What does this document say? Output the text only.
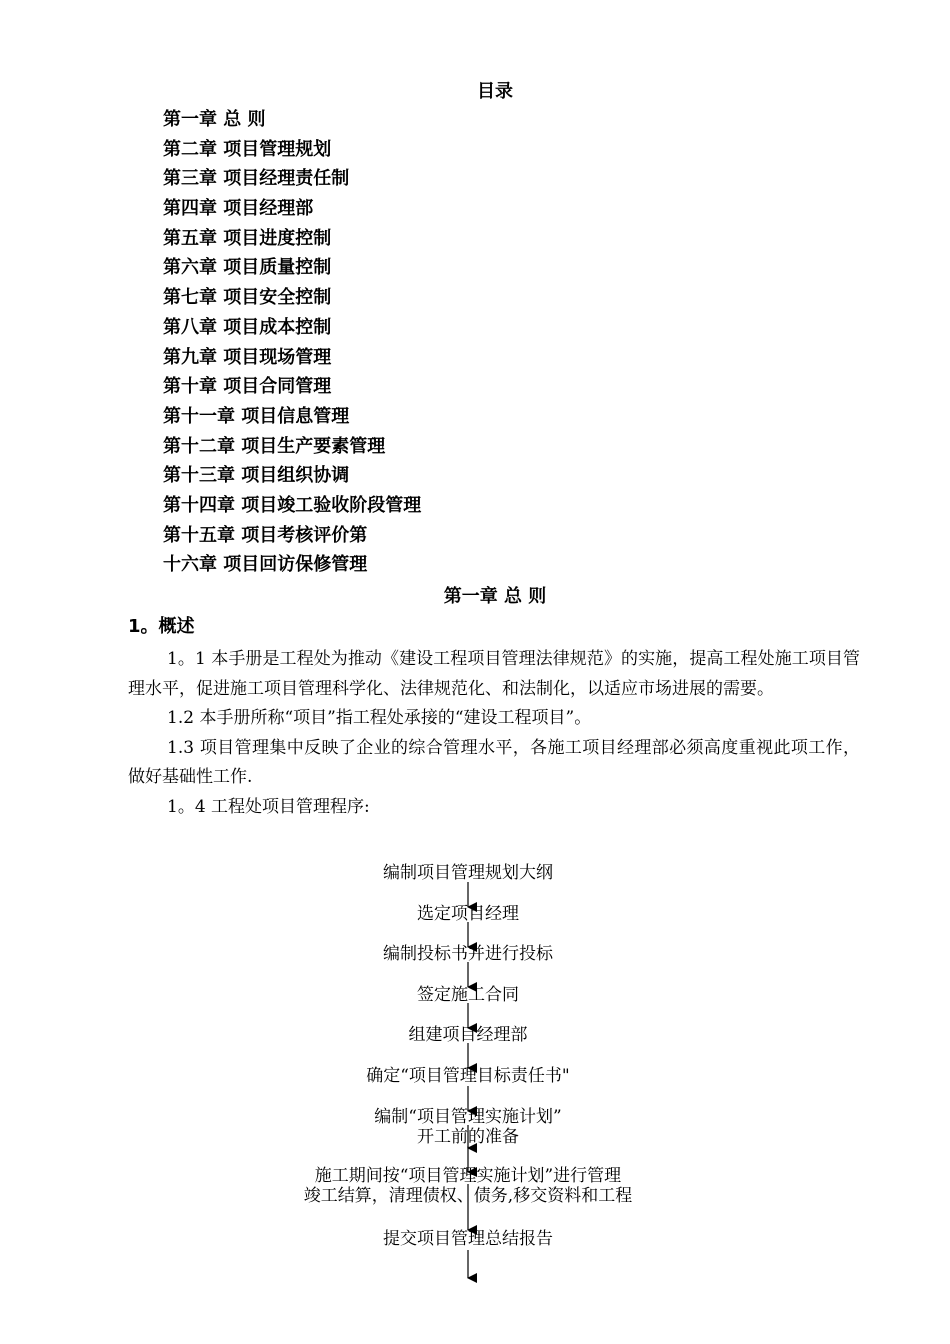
目录
第一章 总 则
第二章 项目管理规划
第三章 项目经理责任制
第四章 项目经理部
第五章 项目进度控制
第六章 项目质量控制
第七章 项目安全控制
第八章 项目成本控制
第九章 项目现场管理
第十章 项目合同管理
第十一章 项目信息管理
第十二章 项目生产要素管理
第十三章 项目组织协调
第十四章 项目竣工验收阶段管理
第十五章 项目考核评价第
十六章 项目回访保修管理
第一章 总 则
1。概述

1。1 本手册是工程处为推动《建设工程项目管理法律规范》的实施，提高工程处施工项目管理水平，促进施工项目管理科学化、法律规范化、和法制化，以适应市场进展的需要。

1.2 本手册所称“项目”指工程处承接的“建设工程项目”。

1.3 项目管理集中反映了企业的综合管理水平，各施工项目经理部必须高度重视此项工作，做好基础性工作.

1。4 工程处项目管理程序:

编制项目管理规划大纲
选定项目经理
编制投标书并进行投标
签定施工合同
组建项目经理部
确定“项目管理目标责任书"
编制“项目管理实施计划”
开工前的准备
施工期间按“项目管理实施计划”进行管理
竣工结算，清理债权、债务,移交资料和工程
提交项目管理总结报告
